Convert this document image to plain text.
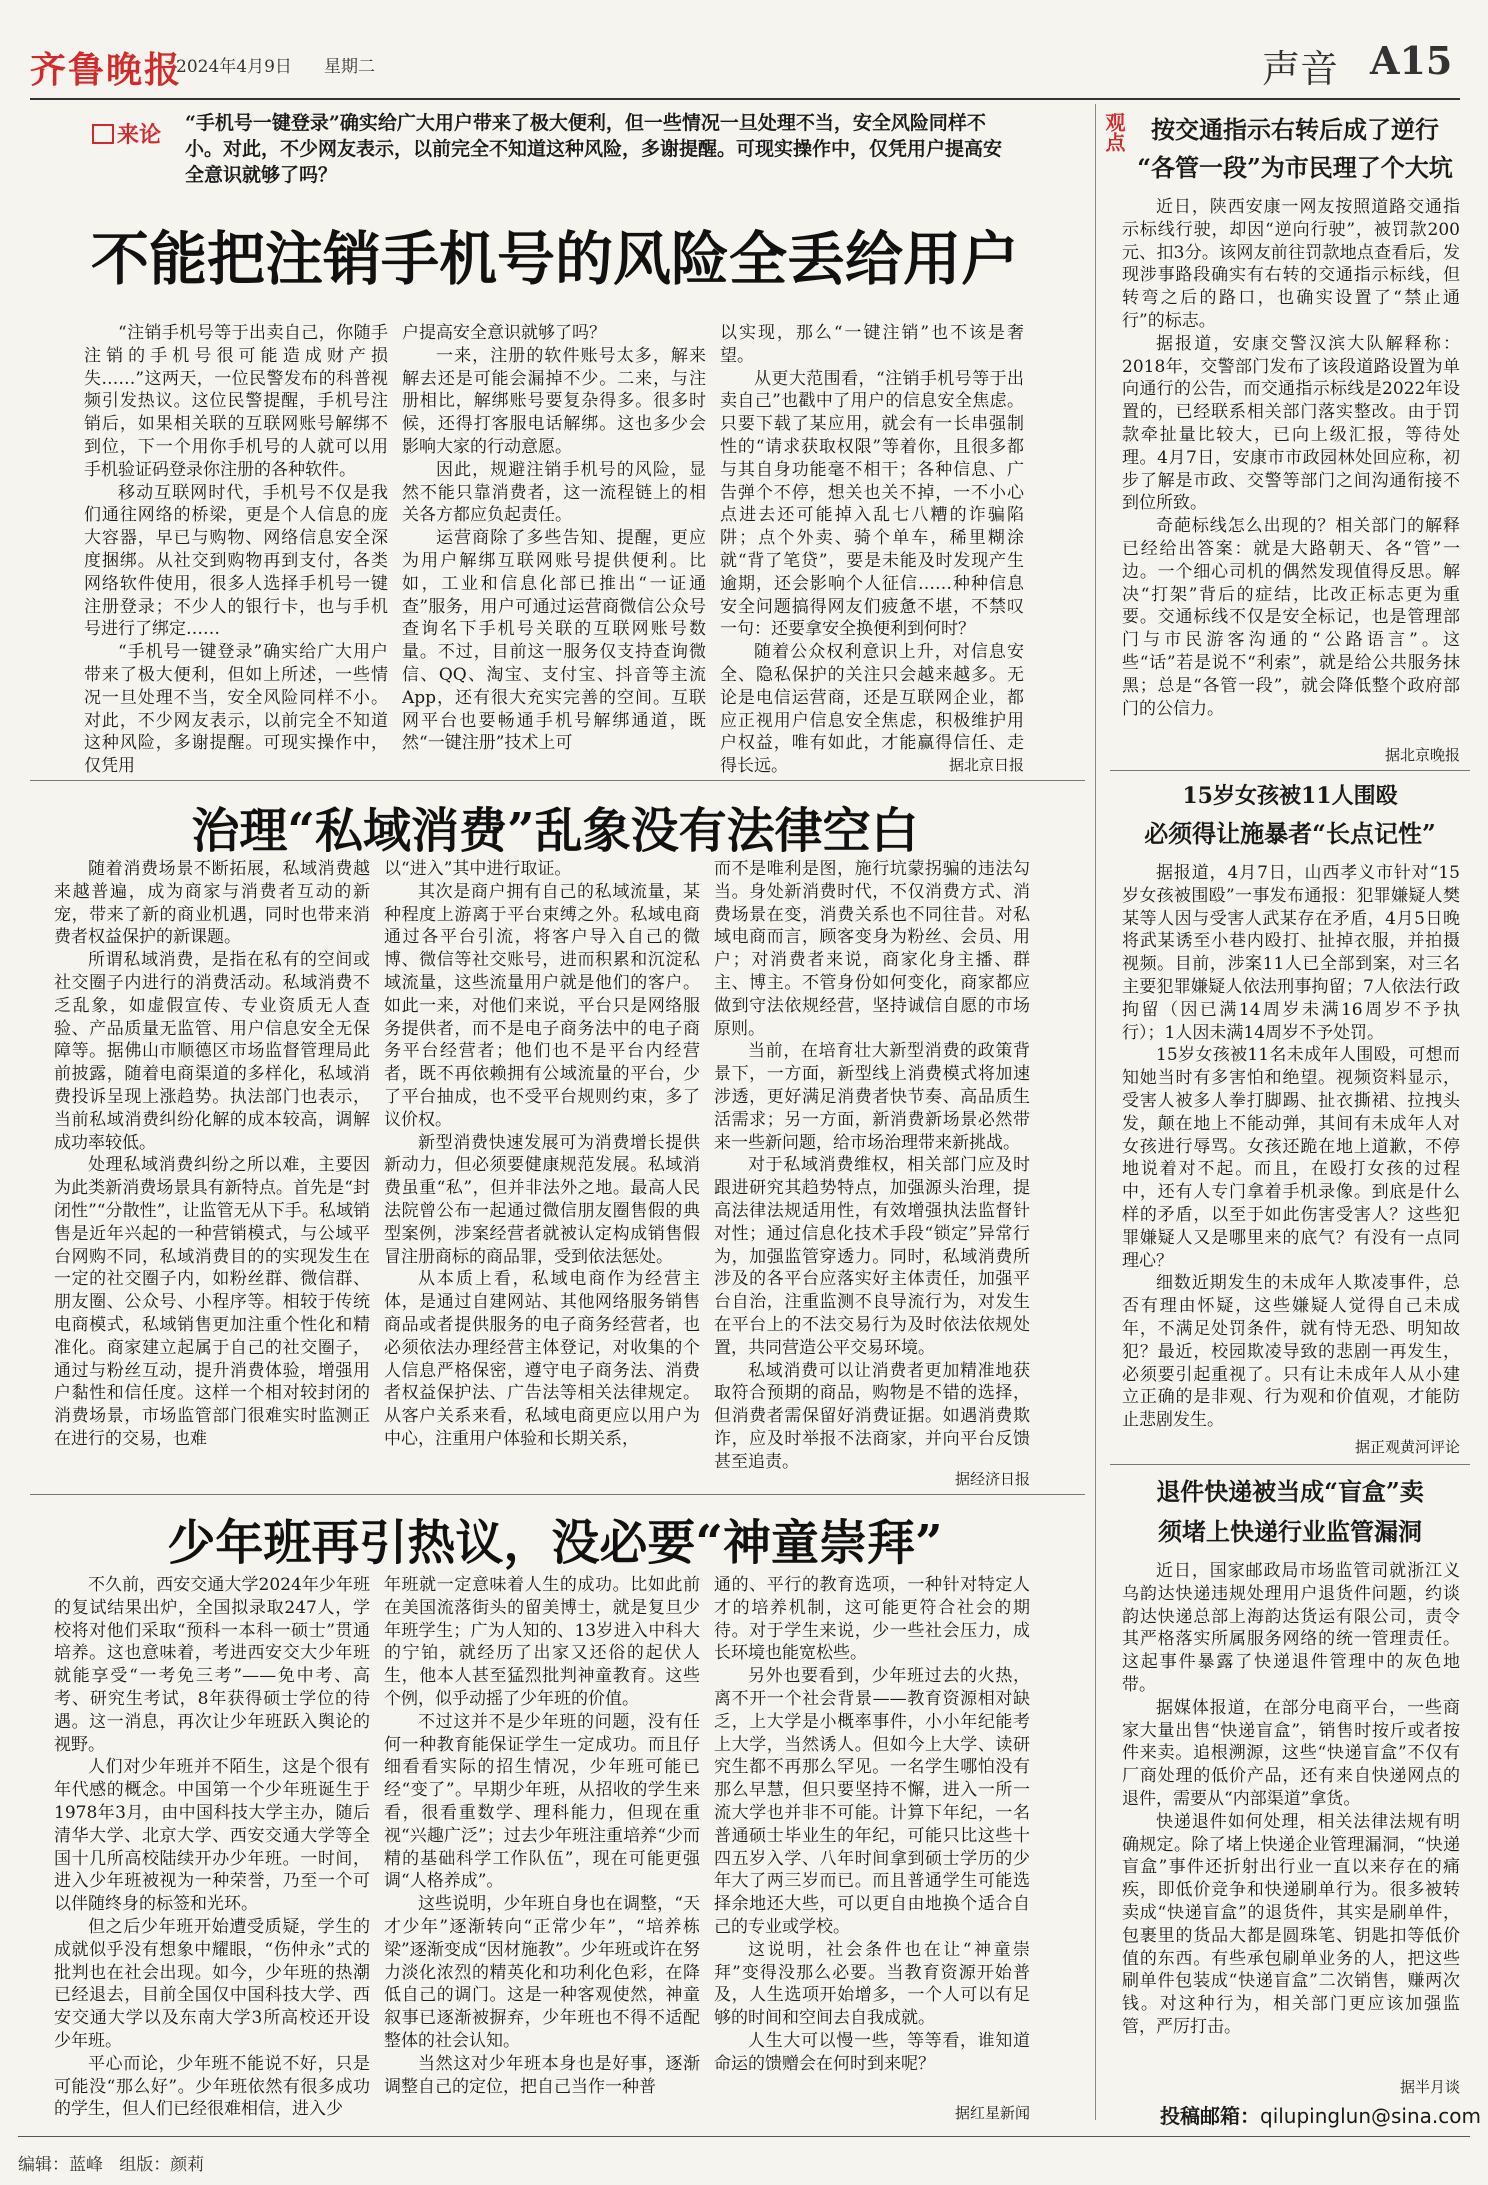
齐鲁晚报
2024年4月9日 星期二	声音 A15
来论 “手机号一键登录”确实给广大用户带来了极大便利，但一些情况一旦处理不当，安全风险同样不小。对此，不少网友表示，以前完全不知道这种风险，多谢提醒。可现实操作中，仅凭用户提高安全意识就够了吗？
不能把注销手机号的风险全丢给用户

“注销手机号等于出卖自己，你随手注销的手机号很可能造成财产损失……”这两天，一位民警发布的科普视频引发热议。这位民警提醒，手机号注销后，如果相关联的互联网账号解绑不到位，下一个用你手机号的人就可以用手机验证码登录你注册的各种软件。

移动互联网时代，手机号不仅是我们通往网络的桥梁，更是个人信息的庞大容器，早已与购物、网络信息安全深度捆绑。从社交到购物再到支付，各类网络软件使用，很多人选择手机号一键注册登录；不少人的银行卡，也与手机号进行了绑定……

“手机号一键登录”确实给广大用户带来了极大便利，但如上所述，一些情况一旦处理不当，安全风险同样不小。对此，不少网友表示，以前完全不知道这种风险，多谢提醒。可现实操作中，仅凭用

户提高安全意识就够了吗？

一来，注册的软件账号太多，解来解去还是可能会漏掉不少。二来，与注册相比，解绑账号要复杂得多。很多时候，还得打客服电话解绑。这也多少会影响大家的行动意愿。

因此，规避注销手机号的风险，显然不能只靠消费者，这一流程链上的相关各方都应负起责任。

运营商除了多些告知、提醒，更应为用户解绑互联网账号提供便利。比如，工业和信息化部已推出“一证通查”服务，用户可通过运营商微信公众号查询名下手机号关联的互联网账号数量。不过，目前这一服务仅支持查询微信、QQ、淘宝、支付宝、抖音等主流App，还有很大充实完善的空间。互联网平台也要畅通手机号解绑通道，既然“一键注册”技术上可

以实现，那么“一键注销”也不该是奢望。

从更大范围看，“注销手机号等于出卖自己”也戳中了用户的信息安全焦虑。只要下载了某应用，就会有一长串强制性的“请求获取权限”等着你，且很多都与其自身功能毫不相干；各种信息、广告弹个不停，想关也关不掉，一不小心点进去还可能掉入乱七八糟的诈骗陷阱；点个外卖、骑个单车，稀里糊涂就“背了笔贷”，要是未能及时发现产生逾期，还会影响个人征信……种种信息安全问题搞得网友们疲惫不堪，不禁叹一句：还要拿安全换便利到何时？

随着公众权利意识上升，对信息安全、隐私保护的关注只会越来越多。无论是电信运营商，还是互联网企业，都应正视用户信息安全焦虑，积极维护用户权益，唯有如此，才能赢得信任、走得长远。	据北京日报
治理“私域消费”乱象没有法律空白

随着消费场景不断拓展，私域消费越来越普遍，成为商家与消费者互动的新宠，带来了新的商业机遇，同时也带来消费者权益保护的新课题。

所谓私域消费，是指在私有的空间或社交圈子内进行的消费活动。私域消费不乏乱象，如虚假宣传、专业资质无人查验、产品质量无监管、用户信息安全无保障等。据佛山市顺德区市场监督管理局此前披露，随着电商渠道的多样化，私域消费投诉呈现上涨趋势。执法部门也表示，当前私域消费纠纷化解的成本较高，调解成功率较低。

处理私域消费纠纷之所以难，主要因为此类新消费场景具有新特点。首先是“封闭性”“分散性”，让监管无从下手。私域销售是近年兴起的一种营销模式，与公域平台网购不同，私域消费目的的实现发生在一定的社交圈子内，如粉丝群、微信群、朋友圈、公众号、小程序等。相较于传统电商模式，私域销售更加注重个性化和精准化。商家建立起属于自己的社交圈子，通过与粉丝互动，提升消费体验，增强用户黏性和信任度。这样一个相对较封闭的消费场景，市场监管部门很难实时监测正在进行的交易，也难

以“进入”其中进行取证。

其次是商户拥有自己的私域流量，某种程度上游离于平台束缚之外。私域电商通过各平台引流，将客户导入自己的微博、微信等社交账号，进而积累和沉淀私域流量，这些流量用户就是他们的客户。如此一来，对他们来说，平台只是网络服务提供者，而不是电子商务法中的电子商务平台经营者；他们也不是平台内经营者，既不再依赖拥有公域流量的平台，少了平台抽成，也不受平台规则约束，多了议价权。

新型消费快速发展可为消费增长提供新动力，但必须要健康规范发展。私域消费虽重“私”，但并非法外之地。最高人民法院曾公布一起通过微信朋友圈售假的典型案例，涉案经营者就被认定构成销售假冒注册商标的商品罪，受到依法惩处。

从本质上看，私域电商作为经营主体，是通过自建网站、其他网络服务销售商品或者提供服务的电子商务经营者，也必须依法办理经营主体登记，对收集的个人信息严格保密，遵守电子商务法、消费者权益保护法、广告法等相关法律规定。从客户关系来看，私域电商更应以用户为中心，注重用户体验和长期关系，

而不是唯利是图，施行坑蒙拐骗的违法勾当。身处新消费时代，不仅消费方式、消费场景在变，消费关系也不同往昔。对私域电商而言，顾客变身为粉丝、会员、用户；对消费者来说，商家化身主播、群主、博主。不管身份如何变化，商家都应做到守法依规经营，坚持诚信自愿的市场原则。

当前，在培育壮大新型消费的政策背景下，一方面，新型线上消费模式将加速涉透，更好满足消费者快节奏、高品质生活需求；另一方面，新消费新场景必然带来一些新问题，给市场治理带来新挑战。

对于私域消费维权，相关部门应及时跟进研究其趋势特点，加强源头治理，提高法律法规适用性，有效增强执法监督针对性；通过信息化技术手段“锁定”异常行为，加强监管穿透力。同时，私域消费所涉及的各平台应落实好主体责任，加强平台自治，注重监测不良导流行为，对发生在平台上的不法交易行为及时依法依规处置，共同营造公平交易环境。

私域消费可以让消费者更加精准地获取符合预期的商品，购物是不错的选择，但消费者需保留好消费证据。如遇消费欺诈，应及时举报不法商家，并向平台反馈甚至追责。

据经济日报
少年班再引热议，没必要“神童崇拜”

不久前，西安交通大学2024年少年班的复试结果出炉，全国拟录取247人，学校将对他们采取“预科一本科一硕士”贯通培养。这也意味着，考进西安交大少年班就能享受“一考免三考”——免中考、高考、研究生考试，8年获得硕士学位的待遇。这一消息，再次让少年班跃入舆论的视野。

人们对少年班并不陌生，这是个很有年代感的概念。中国第一个少年班诞生于1978年3月，由中国科技大学主办，随后清华大学、北京大学、西安交通大学等全国十几所高校陆续开办少年班。一时间，进入少年班被视为一种荣誉，乃至一个可以伴随终身的标签和光环。

但之后少年班开始遭受质疑，学生的成就似乎没有想象中耀眼，“伤仲永”式的批判也在社会出现。如今，少年班的热潮已经退去，目前全国仅中国科技大学、西安交通大学以及东南大学3所高校还开设少年班。

平心而论，少年班不能说不好，只是可能没“那么好”。少年班依然有很多成功的学生，但人们已经很难相信，进入少

年班就一定意味着人生的成功。比如此前在美国流落街头的留美博士，就是复旦少年班学生；广为人知的、13岁进入中科大的宁铂，就经历了出家又还俗的起伏人生，他本人甚至猛烈批判神童教育。这些个例，似乎动摇了少年班的价值。

不过这并不是少年班的问题，没有任何一种教育能保证学生一定成功。而且仔细看看实际的招生情况，少年班可能已经“变了”。早期少年班，从招收的学生来看，很看重数学、理科能力，但现在重视“兴趣广泛”；过去少年班注重培养“少而精的基础科学工作队伍”，现在可能更强调“人格养成”。

这些说明，少年班自身也在调整，“天才少年”逐渐转向“正常少年”，“培养栋梁”逐渐变成“因材施教”。少年班或许在努力淡化浓烈的精英化和功利化色彩，在降低自己的调门。这是一种客观使然，神童叙事已逐渐被摒弃，少年班也不得不适配整体的社会认知。

当然这对少年班本身也是好事，逐渐调整自己的定位，把自己当作一种普

通的、平行的教育选项，一种针对特定人才的培养机制，这可能更符合社会的期待。对于学生来说，少一些社会压力，成长环境也能宽松些。

另外也要看到，少年班过去的火热，离不开一个社会背景——教育资源相对缺乏，上大学是小概率事件，小小年纪能考上大学，当然诱人。但如今上大学、读研究生都不再那么罕见。一名学生哪怕没有那么早慧，但只要坚持不懈，进入一所一流大学也并非不可能。计算下年纪，一名普通硕士毕业生的年纪，可能只比这些十四五岁入学、八年时间拿到硕士学历的少年大了两三岁而已。而且普通学生可能选择余地还大些，可以更自由地换个适合自己的专业或学校。

这说明，社会条件也在让“神童崇拜”变得没那么必要。当教育资源开始普及，人生选项开始增多，一个人可以有足够的时间和空间去自我成就。

人生大可以慢一些，等等看，谁知道命运的馈赠会在何时到来呢？

据红星新闻
观点	按交通指示右转后成了逆行
“各管一段”为市民理了个大坑

近日，陕西安康一网友按照道路交通指示标线行驶，却因“逆向行驶”，被罚款200元、扣3分。该网友前往罚款地点查看后，发现涉事路段确实有右转的交通指示标线，但转弯之后的路口，也确实设置了“禁止通行”的标志。

据报道，安康交警汉滨大队解释称：2018年，交警部门发布了该段道路设置为单向通行的公告，而交通指示标线是2022年设置的，已经联系相关部门落实整改。由于罚款牵扯量比较大，已向上级汇报，等待处理。4月7日，安康市市政园林处回应称，初步了解是市政、交警等部门之间沟通衔接不到位所致。

奇葩标线怎么出现的？相关部门的解释已经给出答案：就是大路朝天、各“管”一边。一个细心司机的偶然发现值得反思。解决“打架”背后的症结，比改正标志更为重要。交通标线不仅是安全标记，也是管理部门与市民游客沟通的“公路语言”。这些“话”若是说不“利索”，就是给公共服务抹黑；总是“各管一段”，就会降低整个政府部门的公信力。

据北京晚报
15岁女孩被11人围殴
必须得让施暴者“长点记性”

据报道，4月7日，山西孝义市针对“15岁女孩被围殴”一事发布通报：犯罪嫌疑人樊某等人因与受害人武某存在矛盾，4月5日晚将武某诱至小巷内殴打、扯掉衣服，并拍摄视频。目前，涉案11人已全部到案，对三名主要犯罪嫌疑人依法刑事拘留；7人依法行政拘留（因已满14周岁未满16周岁不予执行）；1人因未满14周岁不予处罚。

15岁女孩被11名未成年人围殴，可想而知她当时有多害怕和绝望。视频资料显示，受害人被多人拳打脚踢、扯衣撕裙、拉拽头发，颠在地上不能动弹，其间有未成年人对女孩进行辱骂。女孩还跪在地上道歉，不停地说着对不起。而且，在殴打女孩的过程中，还有人专门拿着手机录像。到底是什么样的矛盾，以至于如此伤害受害人？这些犯罪嫌疑人又是哪里来的底气？有没有一点同理心？

细数近期发生的未成年人欺凌事件，总否有理由怀疑，这些嫌疑人觉得自己未成年，不满足处罚条件，就有恃无恐、明知故犯？最近，校园欺凌导致的悲剧一再发生，必须要引起重视了。只有让未成年人从小建立正确的是非观、行为观和价值观，才能防止悲剧发生。

据正观黄河评论
退件快递被当成“盲盒”卖
须堵上快递行业监管漏洞

近日，国家邮政局市场监管司就浙江义乌韵达快递违规处理用户退货件问题，约谈韵达快递总部上海韵达货运有限公司，责令其严格落实所属服务网络的统一管理责任。这起事件暴露了快递退件管理中的灰色地带。

据媒体报道，在部分电商平台，一些商家大量出售“快递盲盒”，销售时按斤或者按件来卖。追根溯源，这些“快递盲盒”不仅有厂商处理的低价产品，还有来自快递网点的退件，需要从“内部渠道”拿货。

快递退件如何处理，相关法律法规有明确规定。除了堵上快递企业管理漏洞，“快递盲盒”事件还折射出行业一直以来存在的痛疾，即低价竞争和快递刷单行为。很多被转卖成“快递盲盒”的退货件，其实是刷单件，包裹里的货品大都是圆珠笔、钥匙扣等低价值的东西。有些承包刷单业务的人，把这些刷单件包装成“快递盲盒”二次销售，赚两次钱。对这种行为，相关部门更应该加强监管，严厉打击。

据半月谈
投稿邮箱：qilupinglun@sina.com
编辑：蓝峰 组版：颜莉
